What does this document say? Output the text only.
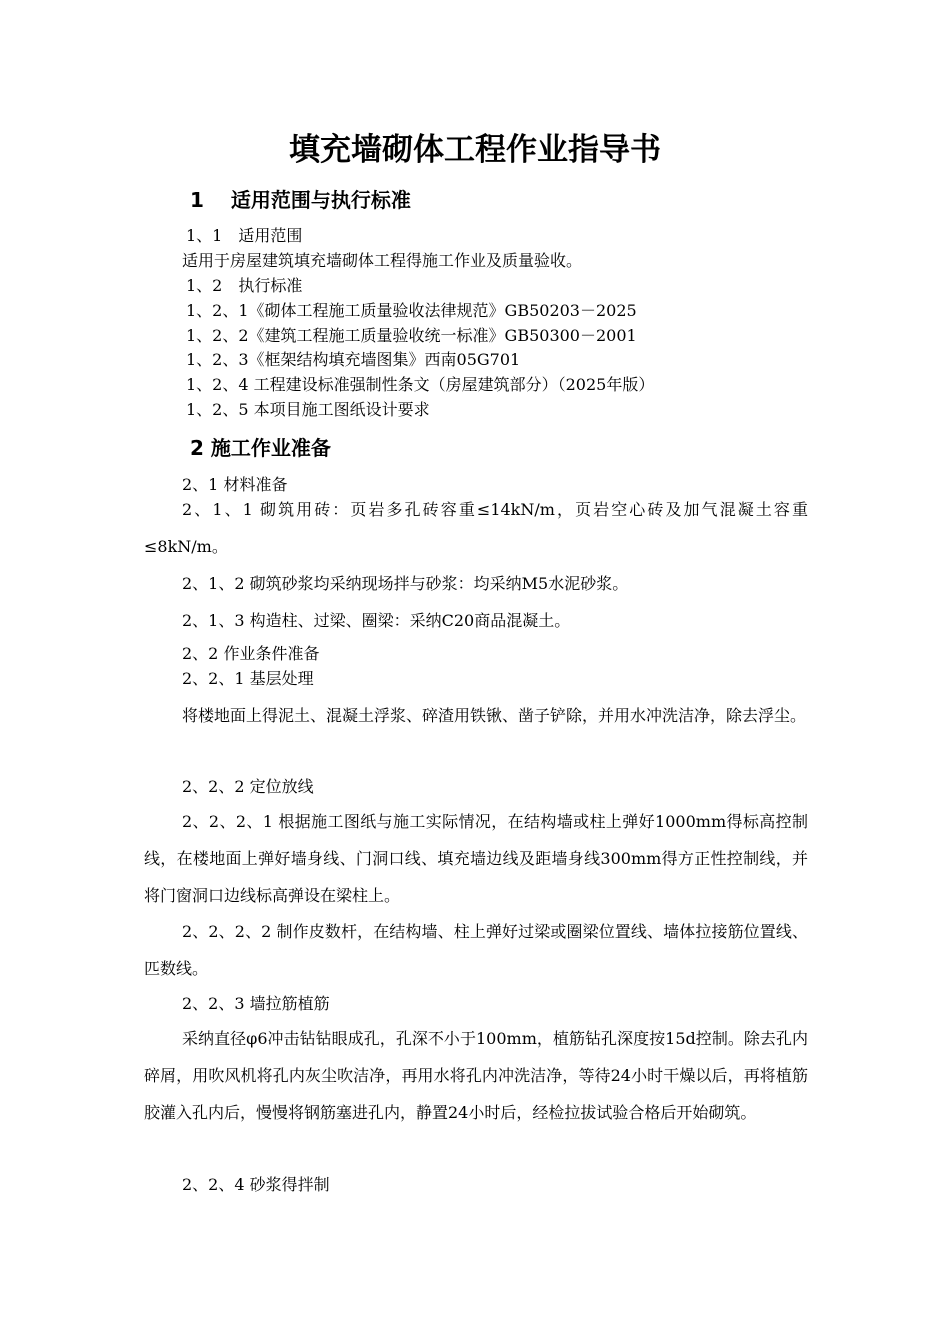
填充墙砌体工程作业指导书
1　 适用范围与执行标准
1、1　适用范围
适用于房屋建筑填充墙砌体工程得施工作业及质量验收。
1、2　执行标准
1、2、1《砌体工程施工质量验收法律规范》GB50203－2025
1、2、2《建筑工程施工质量验收统一标准》GB50300－2001
1、2、3《框架结构填充墙图集》西南05G701
1、2、4 工程建设标准强制性条文（房屋建筑部分）（2025年版）
1、2、5 本项目施工图纸设计要求
2 施工作业准备
2、1 材料准备
2、1、1 砌筑用砖：页岩多孔砖容重≤14kN/m，页岩空心砖及加气混凝土容重≤8kN/m。
2、1、2 砌筑砂浆均采纳现场拌与砂浆：均采纳M5水泥砂浆。
2、1、3 构造柱、过梁、圈梁：采纳C20商品混凝土。
2、2 作业条件准备
2、2、1 基层处理
将楼地面上得泥土、混凝土浮浆、碎渣用铁锹、凿子铲除，并用水冲洗洁净，除去浮尘。
2、2、2 定位放线
2、2、2、1 根据施工图纸与施工实际情况，在结构墙或柱上弹好1000mm得标高控制线，在楼地面上弹好墙身线、门洞口线、填充墙边线及距墙身线300mm得方正性控制线，并将门窗洞口边线标高弹设在梁柱上。
2、2、2、2 制作皮数杆，在结构墙、柱上弹好过梁或圈梁位置线、墙体拉接筋位置线、匹数线。
2、2、3 墙拉筋植筋
采纳直径φ6冲击钻钻眼成孔，孔深不小于100mm，植筋钻孔深度按15d控制。除去孔内碎屑，用吹风机将孔内灰尘吹洁净，再用水将孔内冲洗洁净，等待24小时干燥以后，再将植筋胶灌入孔内后，慢慢将钢筋塞进孔内，静置24小时后，经检拉拔试验合格后开始砌筑。
2、2、4 砂浆得拌制
